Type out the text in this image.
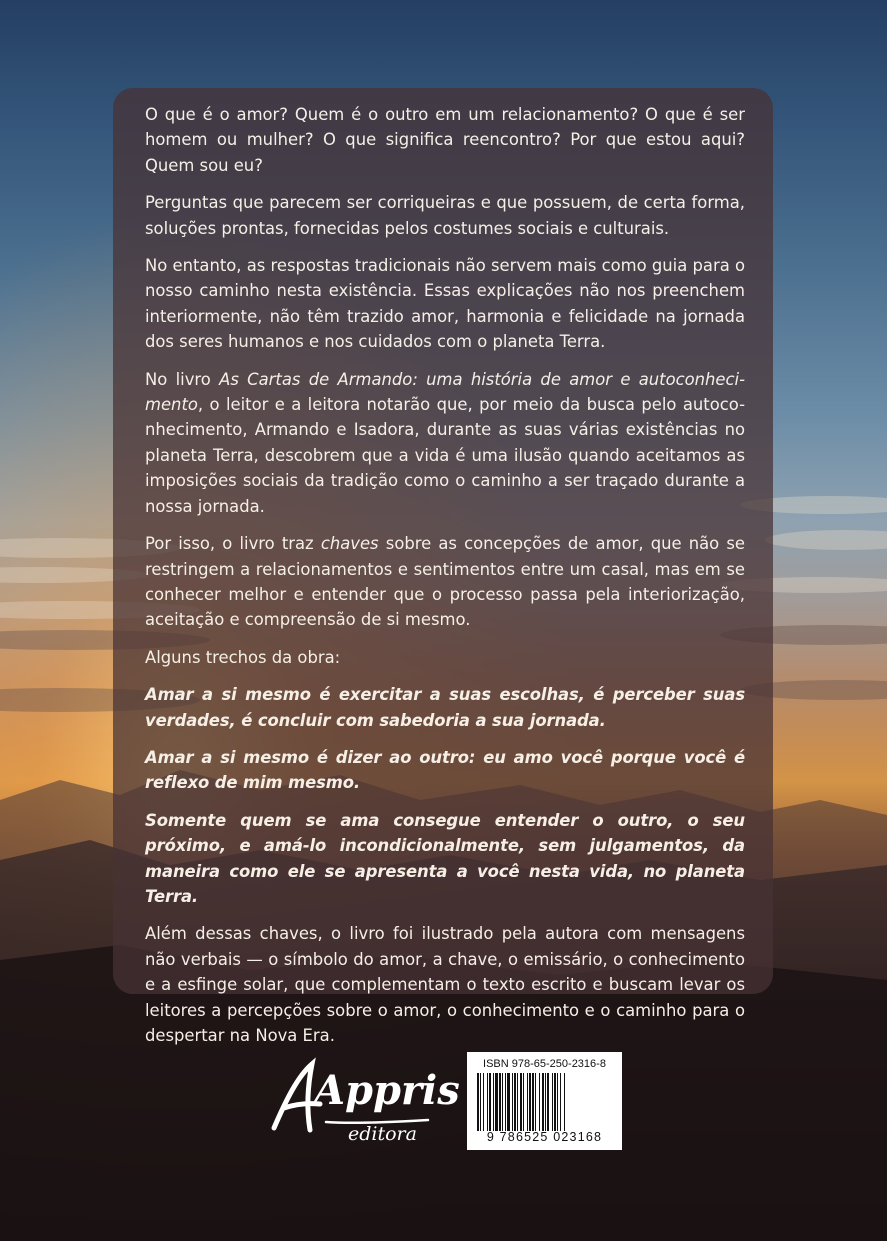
O que é o amor? Quem é o outro em um relacionamento? O que é ser homem ou mulher? O que significa reencontro? Por que estou aqui? Quem sou eu?

Perguntas que parecem ser corriqueiras e que possuem, de certa forma, soluções prontas, fornecidas pelos costumes sociais e culturais.

No entanto, as respostas tradicionais não servem mais como guia para o nosso caminho nesta existência. Essas explicações não nos preenchem interiormente, não têm trazido amor, harmonia e felicidade na jornada dos seres humanos e nos cuidados com o planeta Terra.

No livro As Cartas de Armando: uma história de amor e autoconheci-mento, o leitor e a leitora notarão que, por meio da busca pelo autoco-nhecimento, Armando e Isadora, durante as suas várias existências no planeta Terra, descobrem que a vida é uma ilusão quando aceitamos as imposições sociais da tradição como o caminho a ser traçado durante a nossa jornada.

Por isso, o livro traz chaves sobre as concepções de amor, que não se restringem a relacionamentos e sentimentos entre um casal, mas em se conhecer melhor e entender que o processo passa pela interiorização, aceitação e compreensão de si mesmo.

Alguns trechos da obra:

Amar a si mesmo é exercitar a suas escolhas, é perceber suas verdades, é concluir com sabedoria a sua jornada.

Amar a si mesmo é dizer ao outro: eu amo você porque você é reflexo de mim mesmo.

Somente quem se ama consegue entender o outro, o seu próximo, e amá-lo incondicionalmente, sem julgamentos, da maneira como ele se apresenta a você nesta vida, no planeta Terra.

Além dessas chaves, o livro foi ilustrado pela autora com mensagens não verbais — o símbolo do amor, a chave, o emissário, o conhecimento e a esfinge solar, que complementam o texto escrito e buscam levar os leitores a percepções sobre o amor, o conhecimento e o caminho para o despertar na Nova Era.

Appris
editora
ISBN 978-65-250-2316-8
9 786525 023168
